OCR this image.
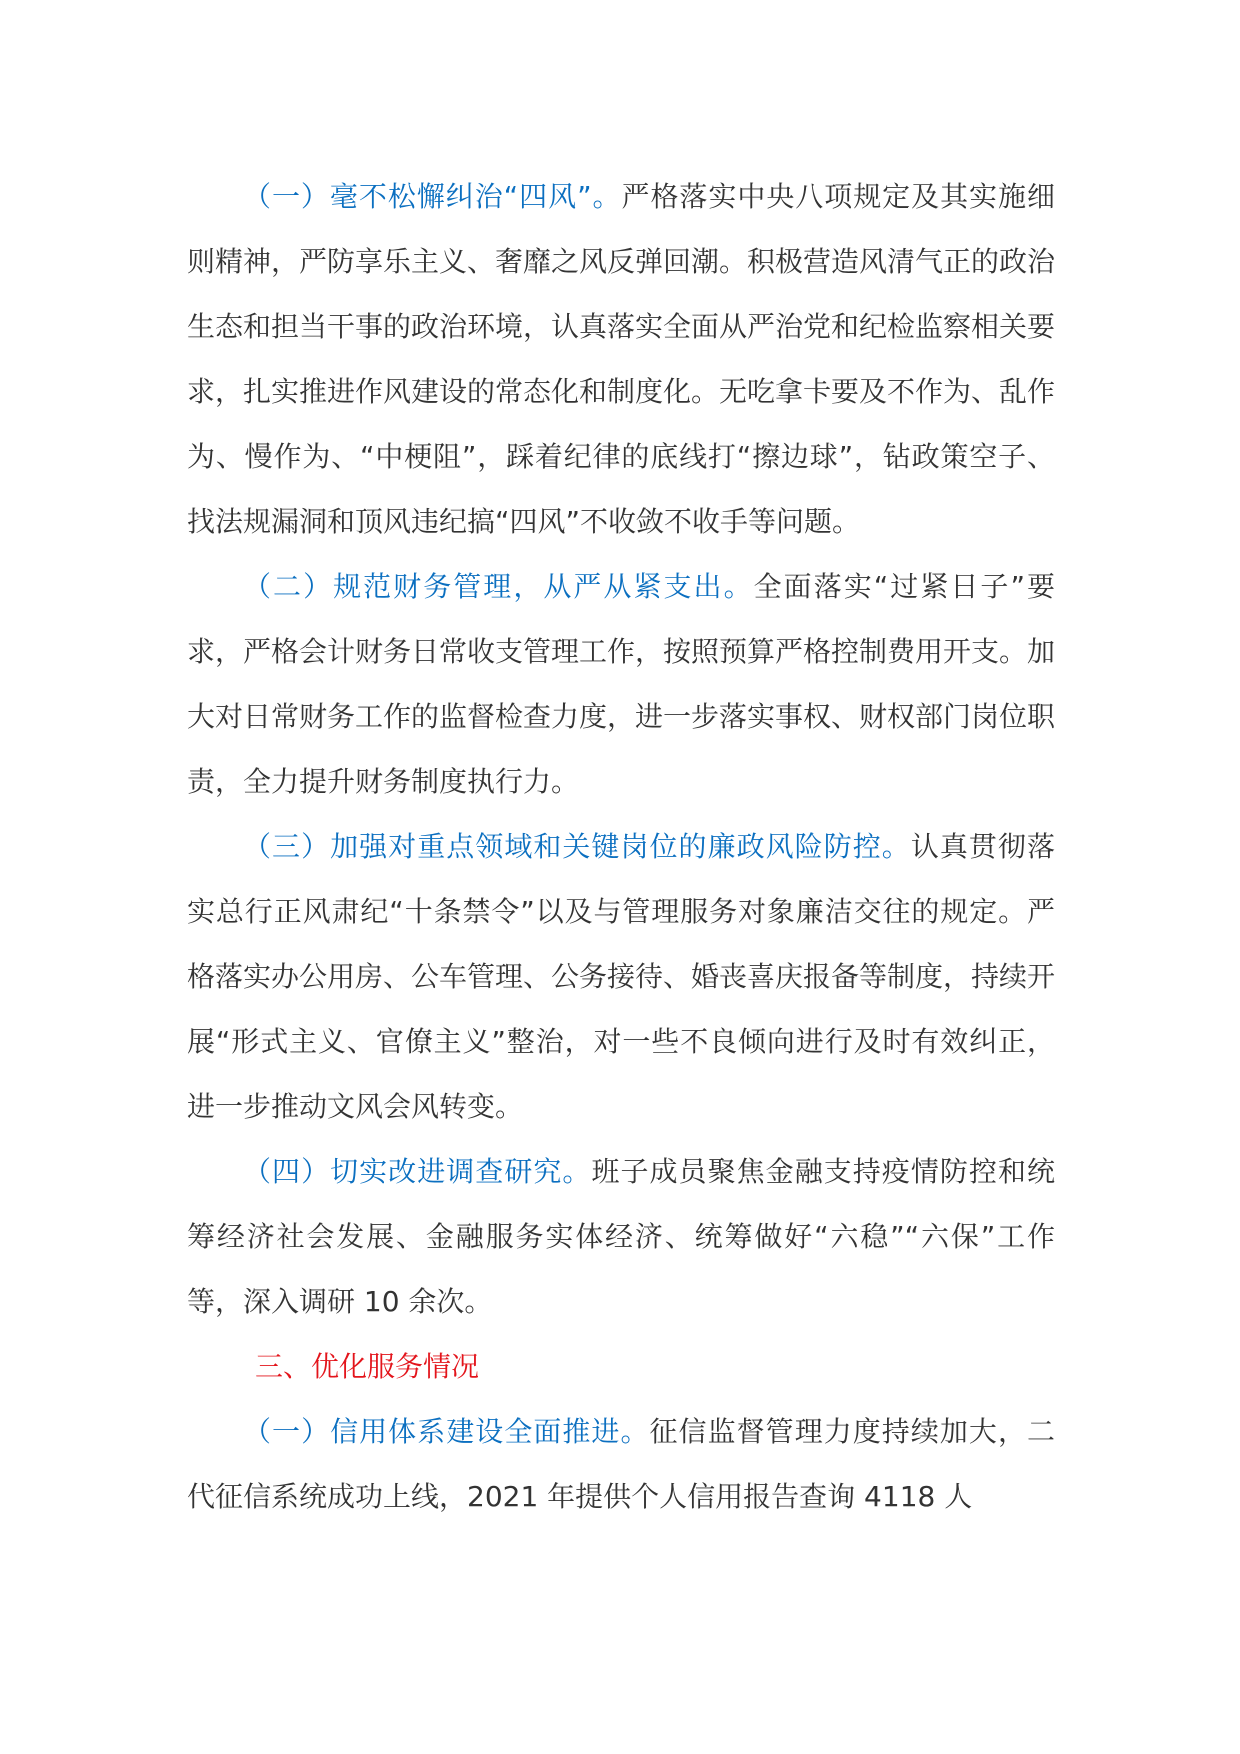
（一）毫不松懈纠治“四风”。严格落实中央八项规定及其实施细则精神，严防享乐主义、奢靡之风反弹回潮。积极营造风清气正的政治生态和担当干事的政治环境，认真落实全面从严治党和纪检监察相关要求，扎实推进作风建设的常态化和制度化。无吃拿卡要及不作为、乱作为、慢作为、“中梗阻”，踩着纪律的底线打“擦边球”，钻政策空子、找法规漏洞和顶风违纪搞“四风”不收敛不收手等问题。

（二）规范财务管理，从严从紧支出。全面落实“过紧日子”要求，严格会计财务日常收支管理工作，按照预算严格控制费用开支。加大对日常财务工作的监督检查力度，进一步落实事权、财权部门岗位职责，全力提升财务制度执行力。

（三）加强对重点领域和关键岗位的廉政风险防控。认真贯彻落实总行正风肃纪“十条禁令”以及与管理服务对象廉洁交往的规定。严格落实办公用房、公车管理、公务接待、婚丧喜庆报备等制度，持续开展“形式主义、官僚主义”整治，对一些不良倾向进行及时有效纠正，进一步推动文风会风转变。

（四）切实改进调查研究。班子成员聚焦金融支持疫情防控和统筹经济社会发展、金融服务实体经济、统筹做好“六稳”“六保”工作等，深入调研 10 余次。

三、优化服务情况

（一）信用体系建设全面推进。征信监督管理力度持续加大，二代征信系统成功上线，2021 年提供个人信用报告查询 4118 人
